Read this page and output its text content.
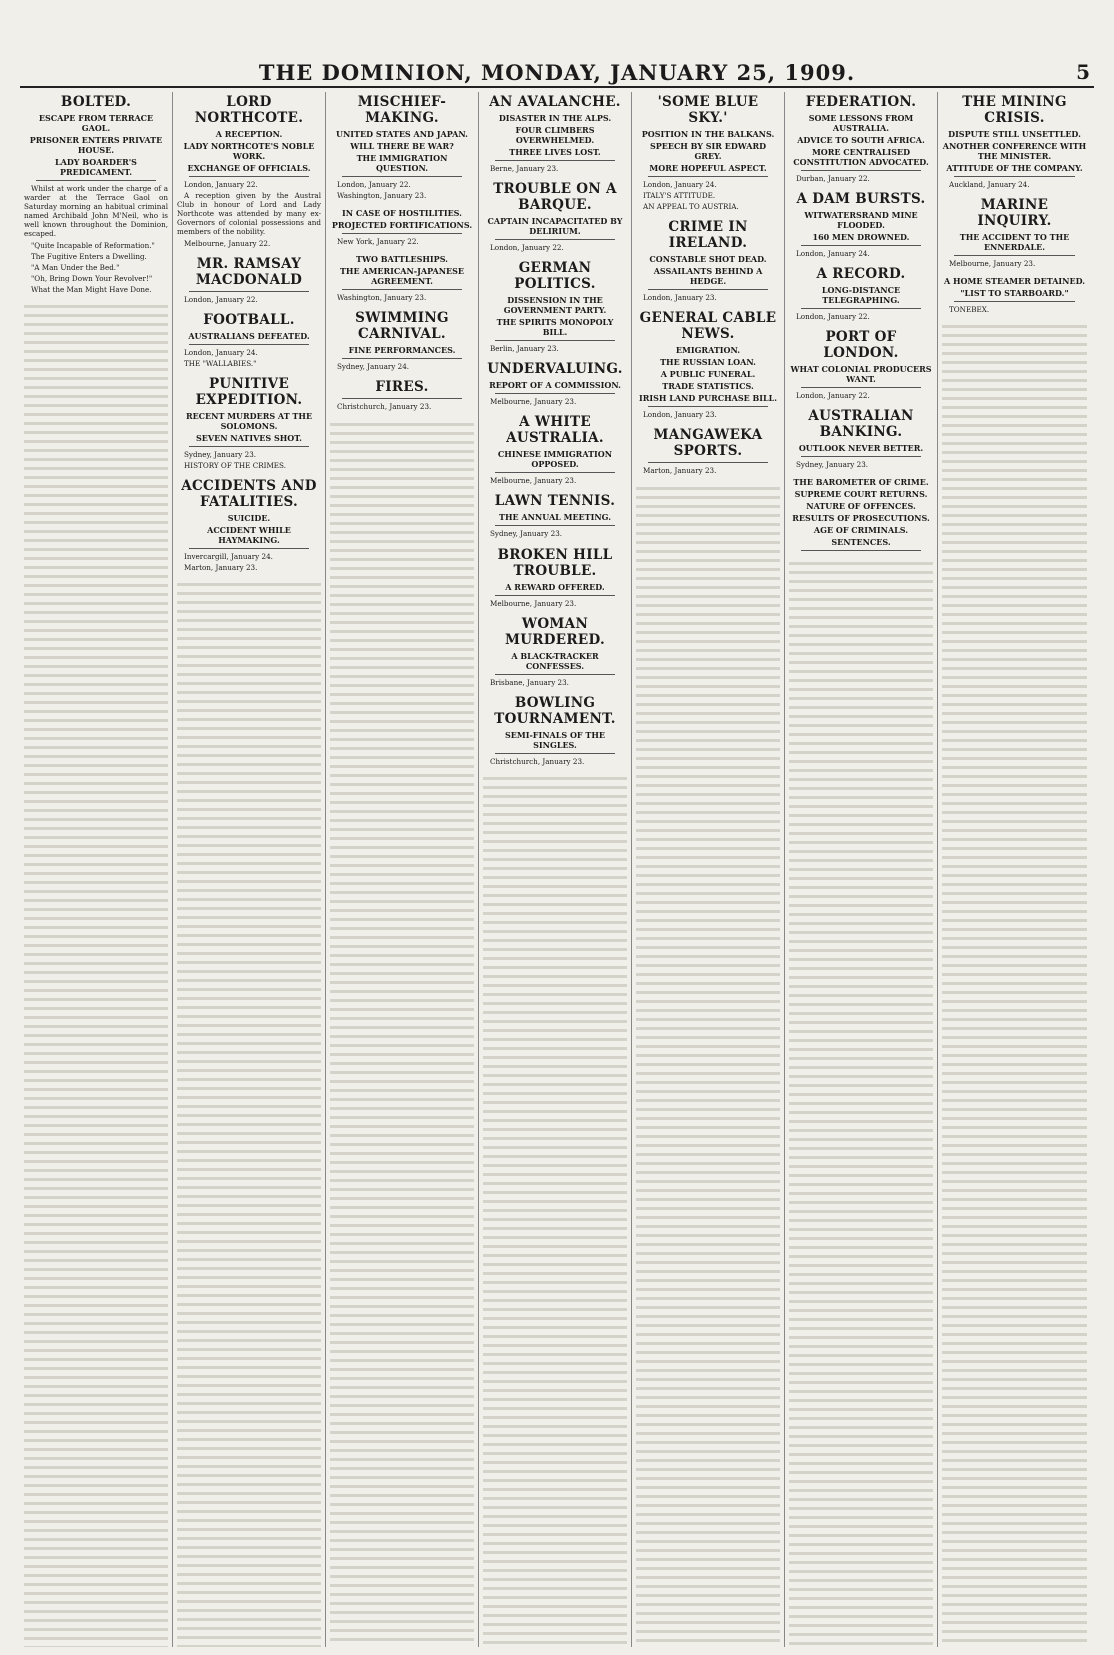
THE DOMINION, MONDAY, JANUARY 25, 1909.	5
BOLTED.
ESCAPE FROM TERRACE GAOL.
PRISONER ENTERS PRIVATE HOUSE.
LADY BOARDER'S PREDICAMENT.

Whilst at work under the charge of a warder at the Terrace Gaol on Saturday morning an habitual criminal named Archibald John M'Neil, who is well known throughout the Dominion, escaped.

"Quite Incapable of Reformation."

The Fugitive Enters a Dwelling.

"A Man Under the Bed."

"Oh, Bring Down Your Revolver!"

What the Man Might Have Done.

LORD NORTHCOTE.
A RECEPTION.
LADY NORTHCOTE'S NOBLE WORK.
EXCHANGE OF OFFICIALS.

London, January 22.

A reception given by the Austral Club in honour of Lord and Lady Northcote was attended by many ex-Governors of colonial possessions and members of the nobility.

Melbourne, January 22.

MR. RAMSAY MACDONALD

London, January 22.

FOOTBALL.
AUSTRALIANS DEFEATED.

London, January 24.

THE "WALLABIES."

PUNITIVE EXPEDITION.
RECENT MURDERS AT THE SOLOMONS.
SEVEN NATIVES SHOT.

Sydney, January 23.

HISTORY OF THE CRIMES.

ACCIDENTS AND FATALITIES.
SUICIDE.
ACCIDENT WHILE HAYMAKING.

Invercargill, January 24.

Marton, January 23.

MISCHIEF-MAKING.
UNITED STATES AND JAPAN.
WILL THERE BE WAR?
THE IMMIGRATION QUESTION.

London, January 22.

Washington, January 23.

IN CASE OF HOSTILITIES.
PROJECTED FORTIFICATIONS.

New York, January 22.

TWO BATTLESHIPS.
THE AMERICAN-JAPANESE AGREEMENT.

Washington, January 23.

SWIMMING CARNIVAL.
FINE PERFORMANCES.

Sydney, January 24.

FIRES.

Christchurch, January 23.

AN AVALANCHE.
DISASTER IN THE ALPS.
FOUR CLIMBERS OVERWHELMED.
THREE LIVES LOST.

Berne, January 23.

TROUBLE ON A BARQUE.
CAPTAIN INCAPACITATED BY DELIRIUM.

London, January 22.

GERMAN POLITICS.
DISSENSION IN THE GOVERNMENT PARTY.
THE SPIRITS MONOPOLY BILL.

Berlin, January 23.

UNDERVALUING.
REPORT OF A COMMISSION.

Melbourne, January 23.

A WHITE AUSTRALIA.
CHINESE IMMIGRATION OPPOSED.

Melbourne, January 23.

LAWN TENNIS.
THE ANNUAL MEETING.

Sydney, January 23.

BROKEN HILL TROUBLE.
A REWARD OFFERED.

Melbourne, January 23.

WOMAN MURDERED.
A BLACK-TRACKER CONFESSES.

Brisbane, January 23.

BOWLING TOURNAMENT.
SEMI-FINALS OF THE SINGLES.

Christchurch, January 23.

'SOME BLUE SKY.'
POSITION IN THE BALKANS.
SPEECH BY SIR EDWARD GREY.
MORE HOPEFUL ASPECT.

London, January 24.

ITALY'S ATTITUDE.

AN APPEAL TO AUSTRIA.

CRIME IN IRELAND.
CONSTABLE SHOT DEAD.
ASSAILANTS BEHIND A HEDGE.

London, January 23.

GENERAL CABLE NEWS.
EMIGRATION.
THE RUSSIAN LOAN.
A PUBLIC FUNERAL.
TRADE STATISTICS.
IRISH LAND PURCHASE BILL.

London, January 23.

MANGAWEKA SPORTS.

Marton, January 23.

FEDERATION.
SOME LESSONS FROM AUSTRALIA.
ADVICE TO SOUTH AFRICA.
MORE CENTRALISED CONSTITUTION ADVOCATED.

Durban, January 22.

A DAM BURSTS.
WITWATERSRAND MINE FLOODED.
160 MEN DROWNED.

London, January 24.

A RECORD.
LONG-DISTANCE TELEGRAPHING.

London, January 22.

PORT OF LONDON.
WHAT COLONIAL PRODUCERS WANT.

London, January 22.

AUSTRALIAN BANKING.
OUTLOOK NEVER BETTER.

Sydney, January 23.

THE BAROMETER OF CRIME.
SUPREME COURT RETURNS.
NATURE OF OFFENCES.
RESULTS OF PROSECUTIONS.
AGE OF CRIMINALS.
SENTENCES.
THE MINING CRISIS.
DISPUTE STILL UNSETTLED.
ANOTHER CONFERENCE WITH THE MINISTER.
ATTITUDE OF THE COMPANY.

Auckland, January 24.

MARINE INQUIRY.
THE ACCIDENT TO THE ENNERDALE.

Melbourne, January 23.

A HOME STEAMER DETAINED.
"LIST TO STARBOARD."

TONEBEX.
